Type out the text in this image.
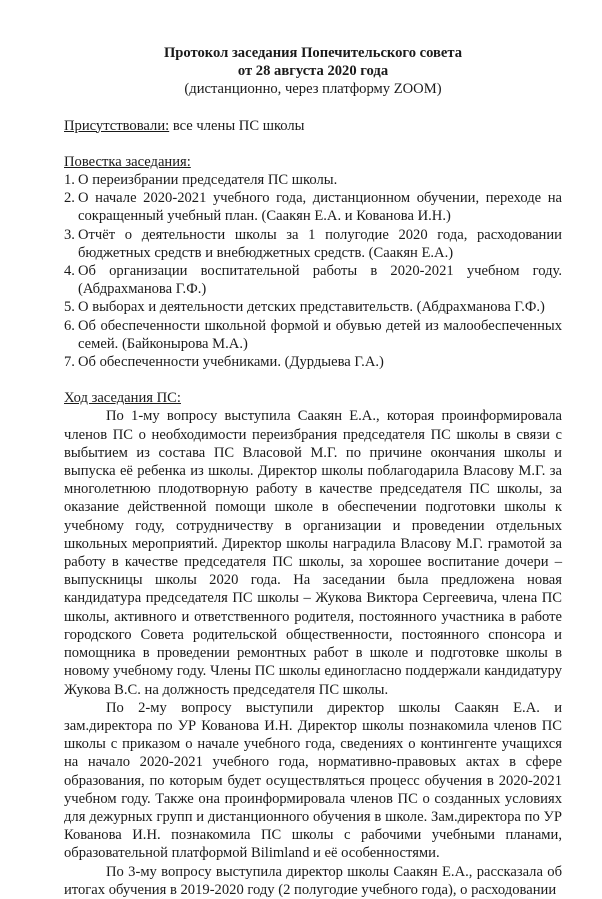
Протокол заседания Попечительского совета
от 28 августа 2020 года
(дистанционно, через платформу ZOOM)
Присутствовали: все члены ПС школы
Повестка заседания:
1. О переизбрании председателя ПС школы.
2. О начале 2020-2021 учебного года, дистанционном обучении, переходе на сокращенный учебный план. (Саакян Е.А. и Кованова И.Н.)
3. Отчёт о деятельности школы за 1 полугодие 2020 года, расходовании бюджетных средств и внебюджетных средств. (Саакян Е.А.)
4. Об организации воспитательной работы в 2020-2021 учебном году. (Абдрахманова Г.Ф.)
5. О выборах и деятельности детских представительств. (Абдрахманова Г.Ф.)
6. Об обеспеченности школьной формой и обувью детей из малообеспеченных семей. (Байконырова М.А.)
7. Об обеспеченности учебниками. (Дурдыева Г.А.)
Ход заседания ПС:

По 1-му вопросу выступила Саакян Е.А., которая проинформировала членов ПС о необходимости переизбрания председателя ПС школы в связи с выбытием из состава ПС Власовой М.Г. по причине окончания школы и выпуска её ребенка из школы. Директор школы поблагодарила Власову М.Г. за многолетнюю плодотворную работу в качестве председателя ПС школы, за оказание действенной помощи школе в обеспечении подготовки школы к учебному году, сотрудничеству в организации и проведении отдельных школьных мероприятий. Директор школы наградила Власову М.Г. грамотой за работу в качестве председателя ПС школы, за хорошее воспитание дочери – выпускницы школы 2020 года. На заседании была предложена новая кандидатура председателя ПС школы – Жукова Виктора Сергеевича, члена ПС школы, активного и ответственного родителя, постоянного участника в работе городского Совета родительской общественности, постоянного спонсора и помощника в проведении ремонтных работ в школе и подготовке школы в новому учебному году. Члены ПС школы единогласно поддержали кандидатуру Жукова В.С. на должность председателя ПС школы.

По 2-му вопросу выступили директор школы Саакян Е.А. и зам.директора по УР Кованова И.Н. Директор школы познакомила членов ПС школы с приказом о начале учебного года, сведениях о контингенте учащихся на начало 2020-2021 учебного года, нормативно-правовых актах в сфере образования, по которым будет осуществляться процесс обучения в 2020-2021 учебном году. Также она проинформировала членов ПС о созданных условиях для дежурных групп и дистанционного обучения в школе. Зам.директора по УР Кованова И.Н. познакомила ПС школы с рабочими учебными планами, образовательной платформой Bilimland и её особенностями.

По 3-му вопросу выступила директор школы Саакян Е.А., рассказала об итогах обучения в 2019-2020 году (2 полугодие учебного года), о расходовании
